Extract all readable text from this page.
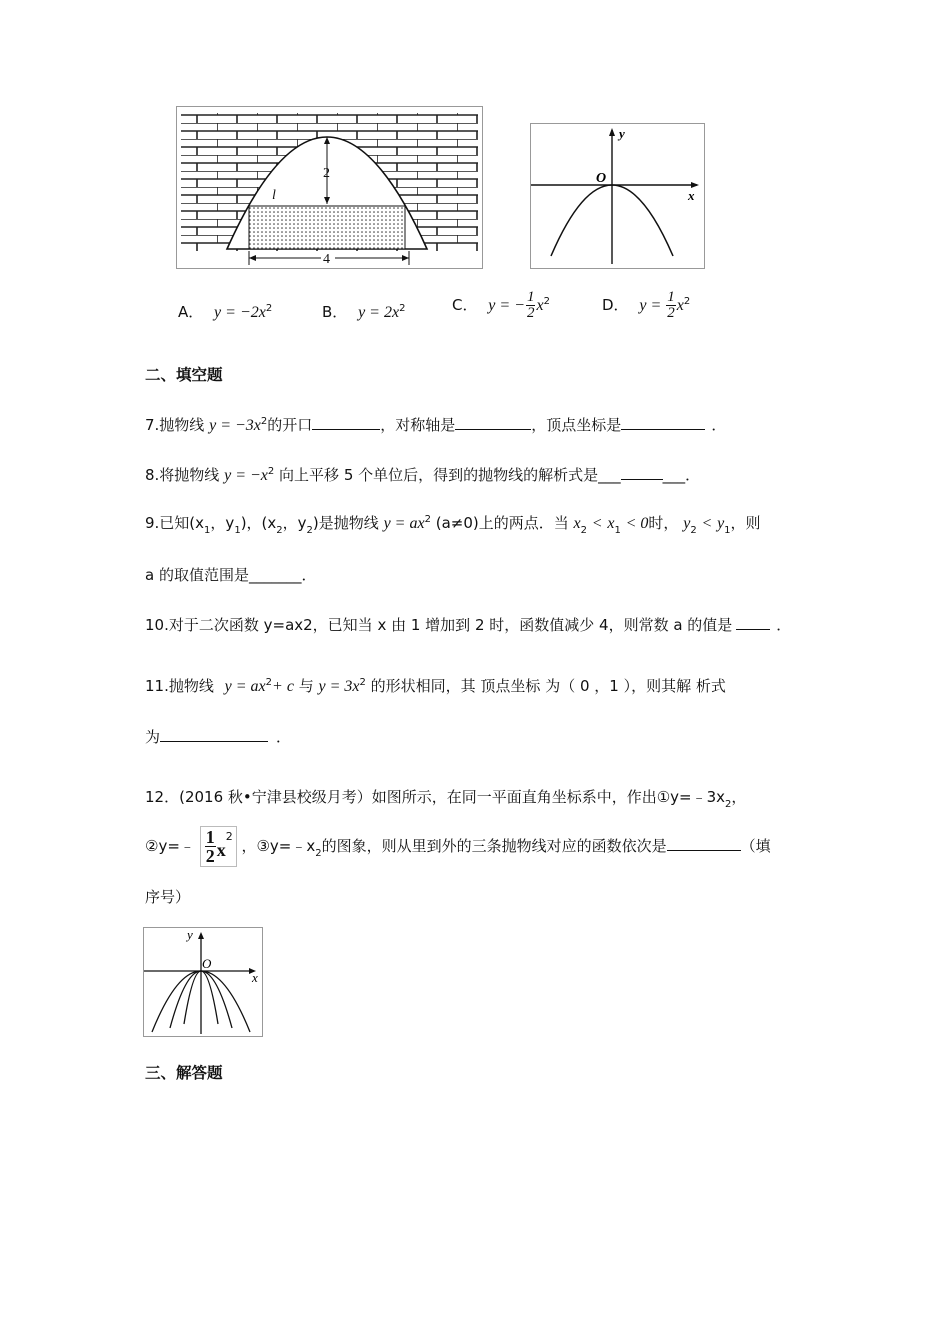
2
l
4
y
x
O
A． $y = -2x^2$	B． $y = 2x^2$	C． y = − $\frac{1}{2} x^2$	D． $y = \frac{1}{2} x^2$
二、填空题
7.抛物线 $y = -3x^2$的开口	，对称轴是	，顶点坐标是	．
8.将抛物线 $y = -x^2$ 向上平移 5 个单位后，得到的抛物线的解析式是___	___．
9.已知($x_1$，$y_1$)，($x_2$，$y_2$)是抛物线 $y = ax^2$ (a≠0)上的两点．当 $x_2 < x_1 < 0$时， $y_2 < y_1$，则
a 的取值范围是_______．
10.对于二次函数 y=ax2，已知当 x 由 1 增加到 2 时，函数值减少 4，则常数 a 的值是	．
11.抛物线 $y = ax^2+ c$ 与 $y = 3x^2$ 的形状相同，其 顶点坐标 为（ 0 ，1 ），则其解 析式
为	．
12．(2016 秋•宁津县校级月考）如图所示，在同一平面直角坐标系中，作出$①y=﹣3x_2$，
②y=﹣ $\frac{1}{2}$ x
2
，$③y=﹣x_2$的图象，则从里到外的三条抛物线对应的函数依次是	（填
序号）
y
x
O
三、解答题
